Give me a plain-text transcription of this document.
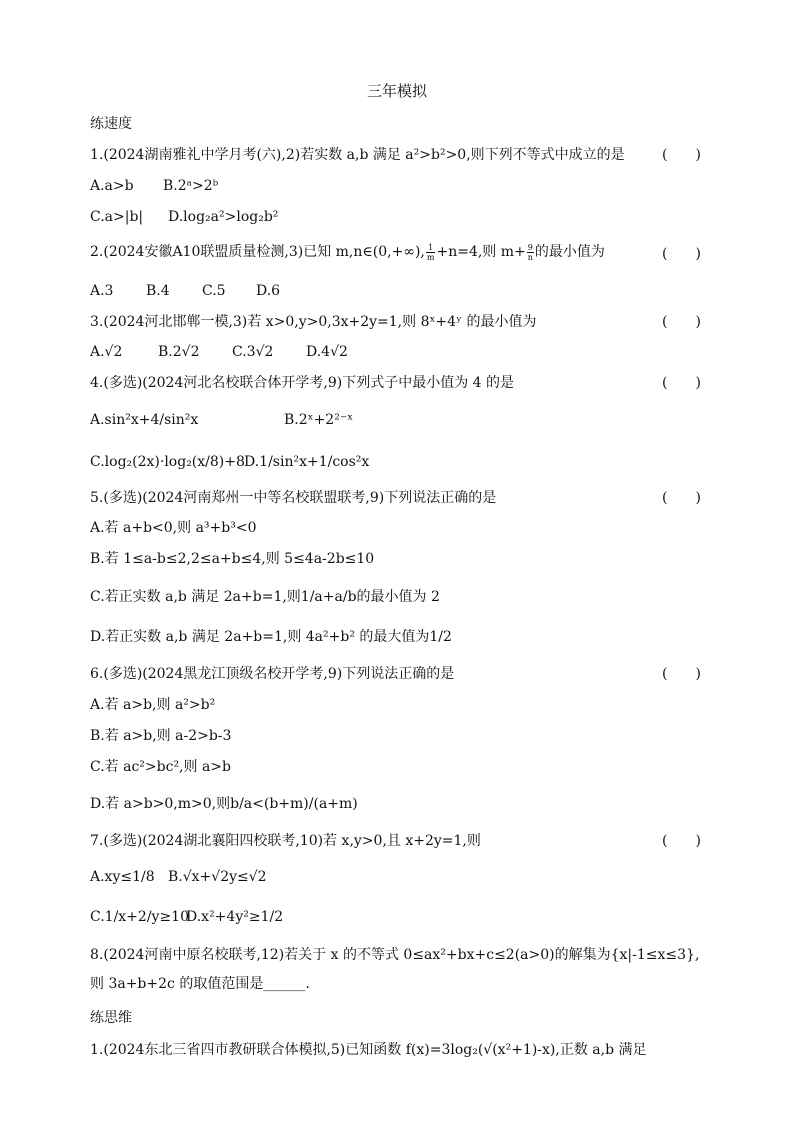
三年模拟
练速度
1.(2024湖南雅礼中学月考(六),2)若实数 a,b 满足 a²>b²>0,则下列不等式中成立的是	(　　)
A.a>b B.2ᵃ>2ᵇ
C.a>|b| D.log₂a²>log₂b²
2.(2024安徽A10联盟质量检测,3)已知 m,n∈(0,+∞), $\frac{1}{m} +n=4$,则 $m+ \frac{9}{n}$ 的最小值为	(　　)
A.3 B.4 C.5 D.6
3.(2024河北邯郸一模,3)若 x>0,y>0,3x+2y=1,则 8ˣ+4ʸ 的最小值为	(　　)
A.√2	B.2√2 C.3√2 D.4√2
4.(多选)(2024河北名校联合体开学考,9)下列式子中最小值为 4 的是	(　　)
A.sin²x+4/sin²x	B.2ˣ+2²⁻ˣ
C.log₂(2x)·log₂(x/8)+8 D.1/sin²x+1/cos²x
5.(多选)(2024河南郑州一中等名校联盟联考,9)下列说法正确的是	(　　)
A.若 a+b<0,则 a³+b³<0
B.若 1≤a-b≤2,2≤a+b≤4,则 5≤4a-2b≤10
C.若正实数 a,b 满足 2a+b=1,则1/a+a/b的最小值为 2
D.若正实数 a,b 满足 2a+b=1,则 4a²+b² 的最大值为1/2
6.(多选)(2024黑龙江顶级名校开学考,9)下列说法正确的是	(　　)
A.若 a>b,则 a²>b²
B.若 a>b,则 a-2>b-3
C.若 ac²>bc²,则 a>b
D.若 a>b>0,m>0,则b/a<(b+m)/(a+m)
7.(多选)(2024湖北襄阳四校联考,10)若 x,y>0,且 x+2y=1,则	(　　)
A.xy≤1/8 B.√x+√2y≤√2
C.1/x+2/y≥10
D.x²+4y²≥1/2
8.(2024河南中原名校联考,12)若关于 x 的不等式 0≤ax²+bx+c≤2(a>0)的解集为{x|-1≤x≤3},
则 3a+b+2c 的取值范围是______.
练思维
1.(2024东北三省四市教研联合体模拟,5)已知函数 f(x)=3log₂(√(x²+1)-x),正数 a,b 满足
